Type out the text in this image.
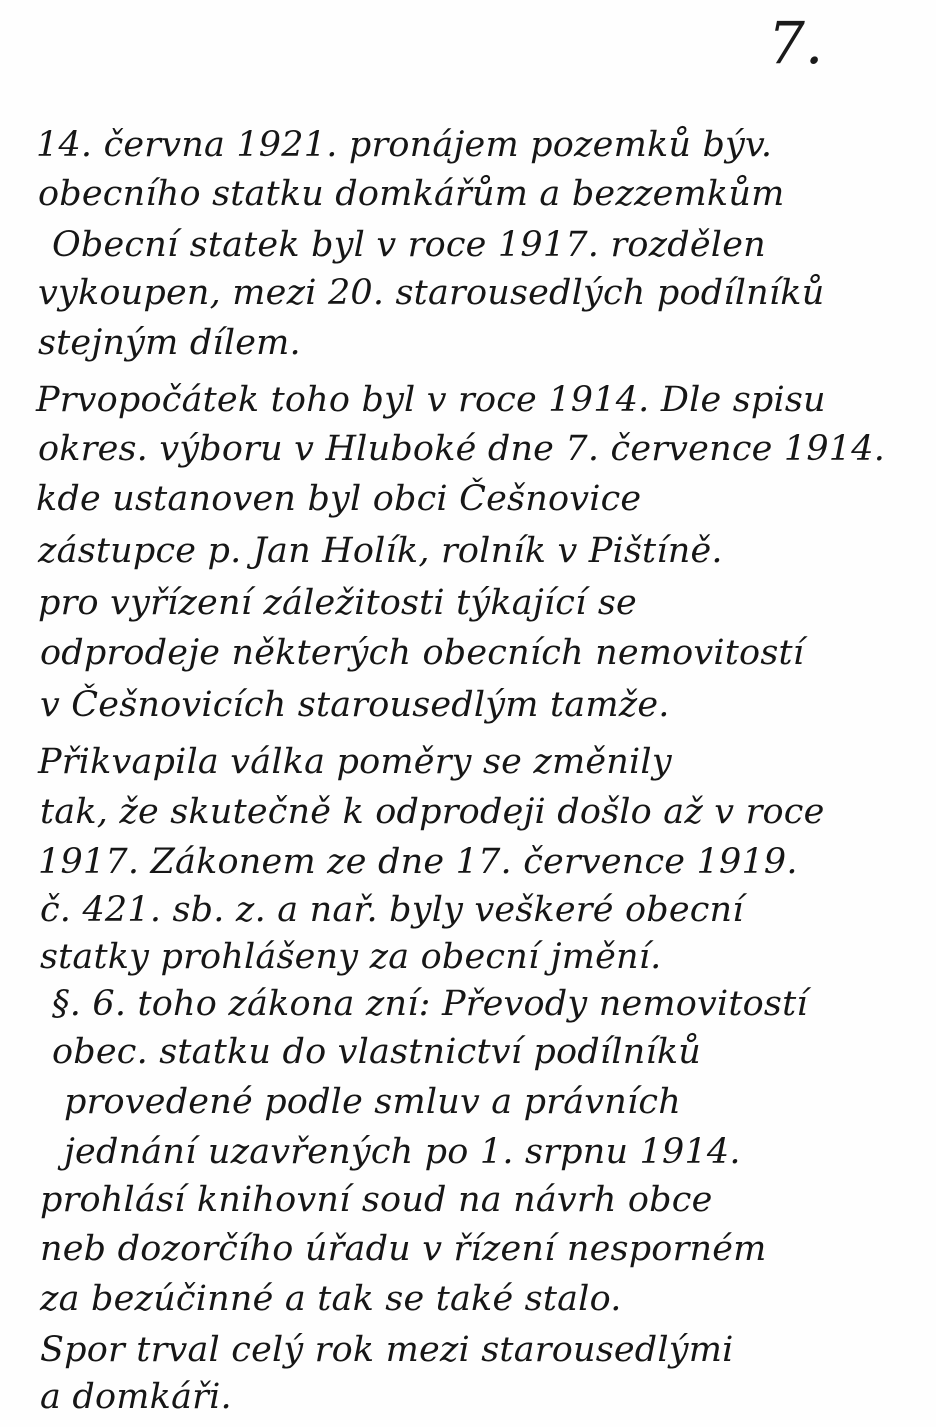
7.
14. června 1921. pronájem pozemků býv.
obecního statku domkářům a bezzemkům
Obecní statek byl v roce 1917. rozdělen
vykoupen, mezi 20. starousedlých podílníků
stejným dílem.
Prvopočátek toho byl v roce 1914. Dle spisu
okres. výboru v Hluboké dne 7. července 1914.
kde ustanoven byl obci Češnovice
zástupce p. Jan Holík, rolník v Pištíně.
pro vyřízení záležitosti týkající se
odprodeje některých obecních nemovitostí
v Češnovicích starousedlým tamže.
Přikvapila válka poměry se změnily
tak, že skutečně k odprodeji došlo až v roce
1917. Zákonem ze dne 17. července 1919.
č. 421. sb. z. a nař. byly veškeré obecní
statky prohlášeny za obecní jmění.
§. 6. toho zákona zní: Převody nemovitostí
obec. statku do vlastnictví podílníků
provedené podle smluv a právních
jednání uzavřených po 1. srpnu 1914.
prohlásí knihovní soud na návrh obce
neb dozorčího úřadu v řízení nesporném
za bezúčinné a tak se také stalo.
Spor trval celý rok mezi starousedlými
a domkáři.
